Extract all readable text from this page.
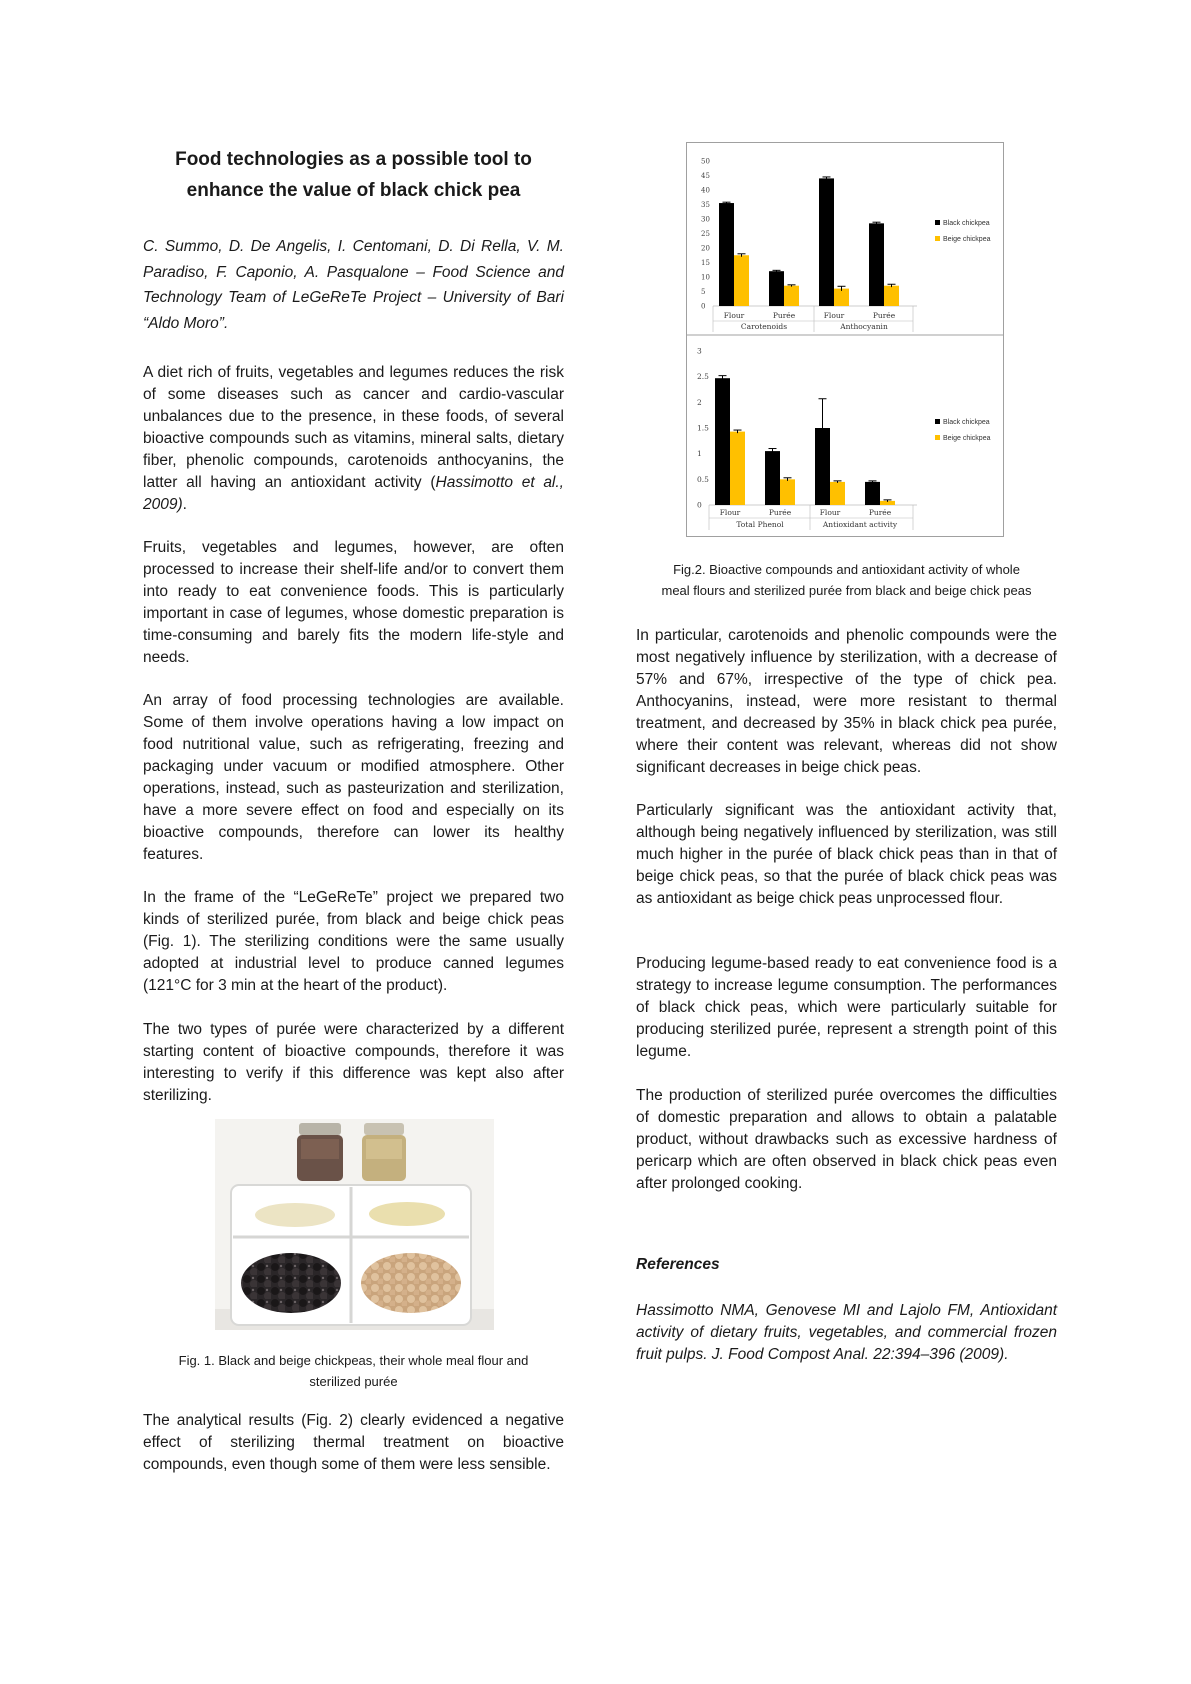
Food technologies as a possible tool to
enhance the value of black chick pea
C. Summo, D. De Angelis, I. Centomani, D. Di Rella, V. M. Paradiso, F. Caponio, A. Pasqualone – Food Science and Technology Team of LeGeReTe Project – University of Bari “Aldo Moro”.
A diet rich of fruits, vegetables and legumes reduces the risk of some diseases such as cancer and cardio-vascular unbalances due to the presence, in these foods, of several bioactive compounds such as vitamins, mineral salts, dietary fiber, phenolic compounds, carotenoids anthocyanins, the latter all having an antioxidant activity (Hassimotto et al., 2009).
Fruits, vegetables and legumes, however, are often processed to increase their shelf-life and/or to convert them into ready to eat convenience foods. This is particularly important in case of legumes, whose domestic preparation is time-consuming and barely fits the modern life-style and needs.
An array of food processing technologies are available. Some of them involve operations having a low impact on food nutritional value, such as refrigerating, freezing and packaging under vacuum or modified atmosphere. Other operations, instead, such as pasteurization and sterilization, have a more severe effect on food and especially on its bioactive compounds, therefore can lower its healthy features.
In the frame of the “LeGeReTe” project we prepared two kinds of sterilized purée, from black and beige chick peas (Fig. 1). The sterilizing conditions were the same usually adopted at industrial level to produce canned legumes (121°C for 3 min at the heart of the product).
The two types of purée were characterized by a different starting content of bioactive compounds, therefore it was interesting to verify if this difference was kept also after sterilizing.
Fig. 1. Black and beige chickpeas, their whole meal flour and
sterilized purée
The analytical results (Fig. 2) clearly evidenced a negative effect of sterilizing thermal treatment on bioactive compounds, even though some of them were less sensible.
0
5
10
15
20
25
30
35
40
45
50
Flour	Purée	Flour	Purée
Carotenoids	Anthocyanin
Black chickpea
Beige chickpea
0
0.5
1
1.5
2
2.5
3
Flour	Purée	Flour	Purée
Total Phenol	Antioxidant activity
Black chickpea
Beige chickpea
Fig.2. Bioactive compounds and antioxidant activity of whole
meal flours and sterilized purée from black and beige chick peas
In particular, carotenoids and phenolic compounds were the most negatively influence by sterilization, with a decrease of 57% and 67%, irrespective of the type of chick pea. Anthocyanins, instead, were more resistant to thermal treatment, and decreased by 35% in black chick pea purée, where their content was relevant, whereas did not show significant decreases in beige chick peas.
Particularly significant was the antioxidant activity that, although being negatively influenced by sterilization, was still much higher in the purée of black chick peas than in that of beige chick peas, so that the purée of black chick peas was as antioxidant as beige chick peas unprocessed flour.
Producing legume-based ready to eat convenience food is a strategy to increase legume consumption. The performances of black chick peas, which were particularly suitable for producing sterilized purée, represent a strength point of this legume.
The production of sterilized purée overcomes the difficulties of domestic preparation and allows to obtain a palatable product, without drawbacks such as excessive hardness of pericarp which are often observed in black chick peas even after prolonged cooking.
References
Hassimotto NMA, Genovese MI and Lajolo FM, Antioxidant activity of dietary fruits, vegetables, and commercial frozen fruit pulps. J. Food Compost Anal. 22:394–396 (2009).
